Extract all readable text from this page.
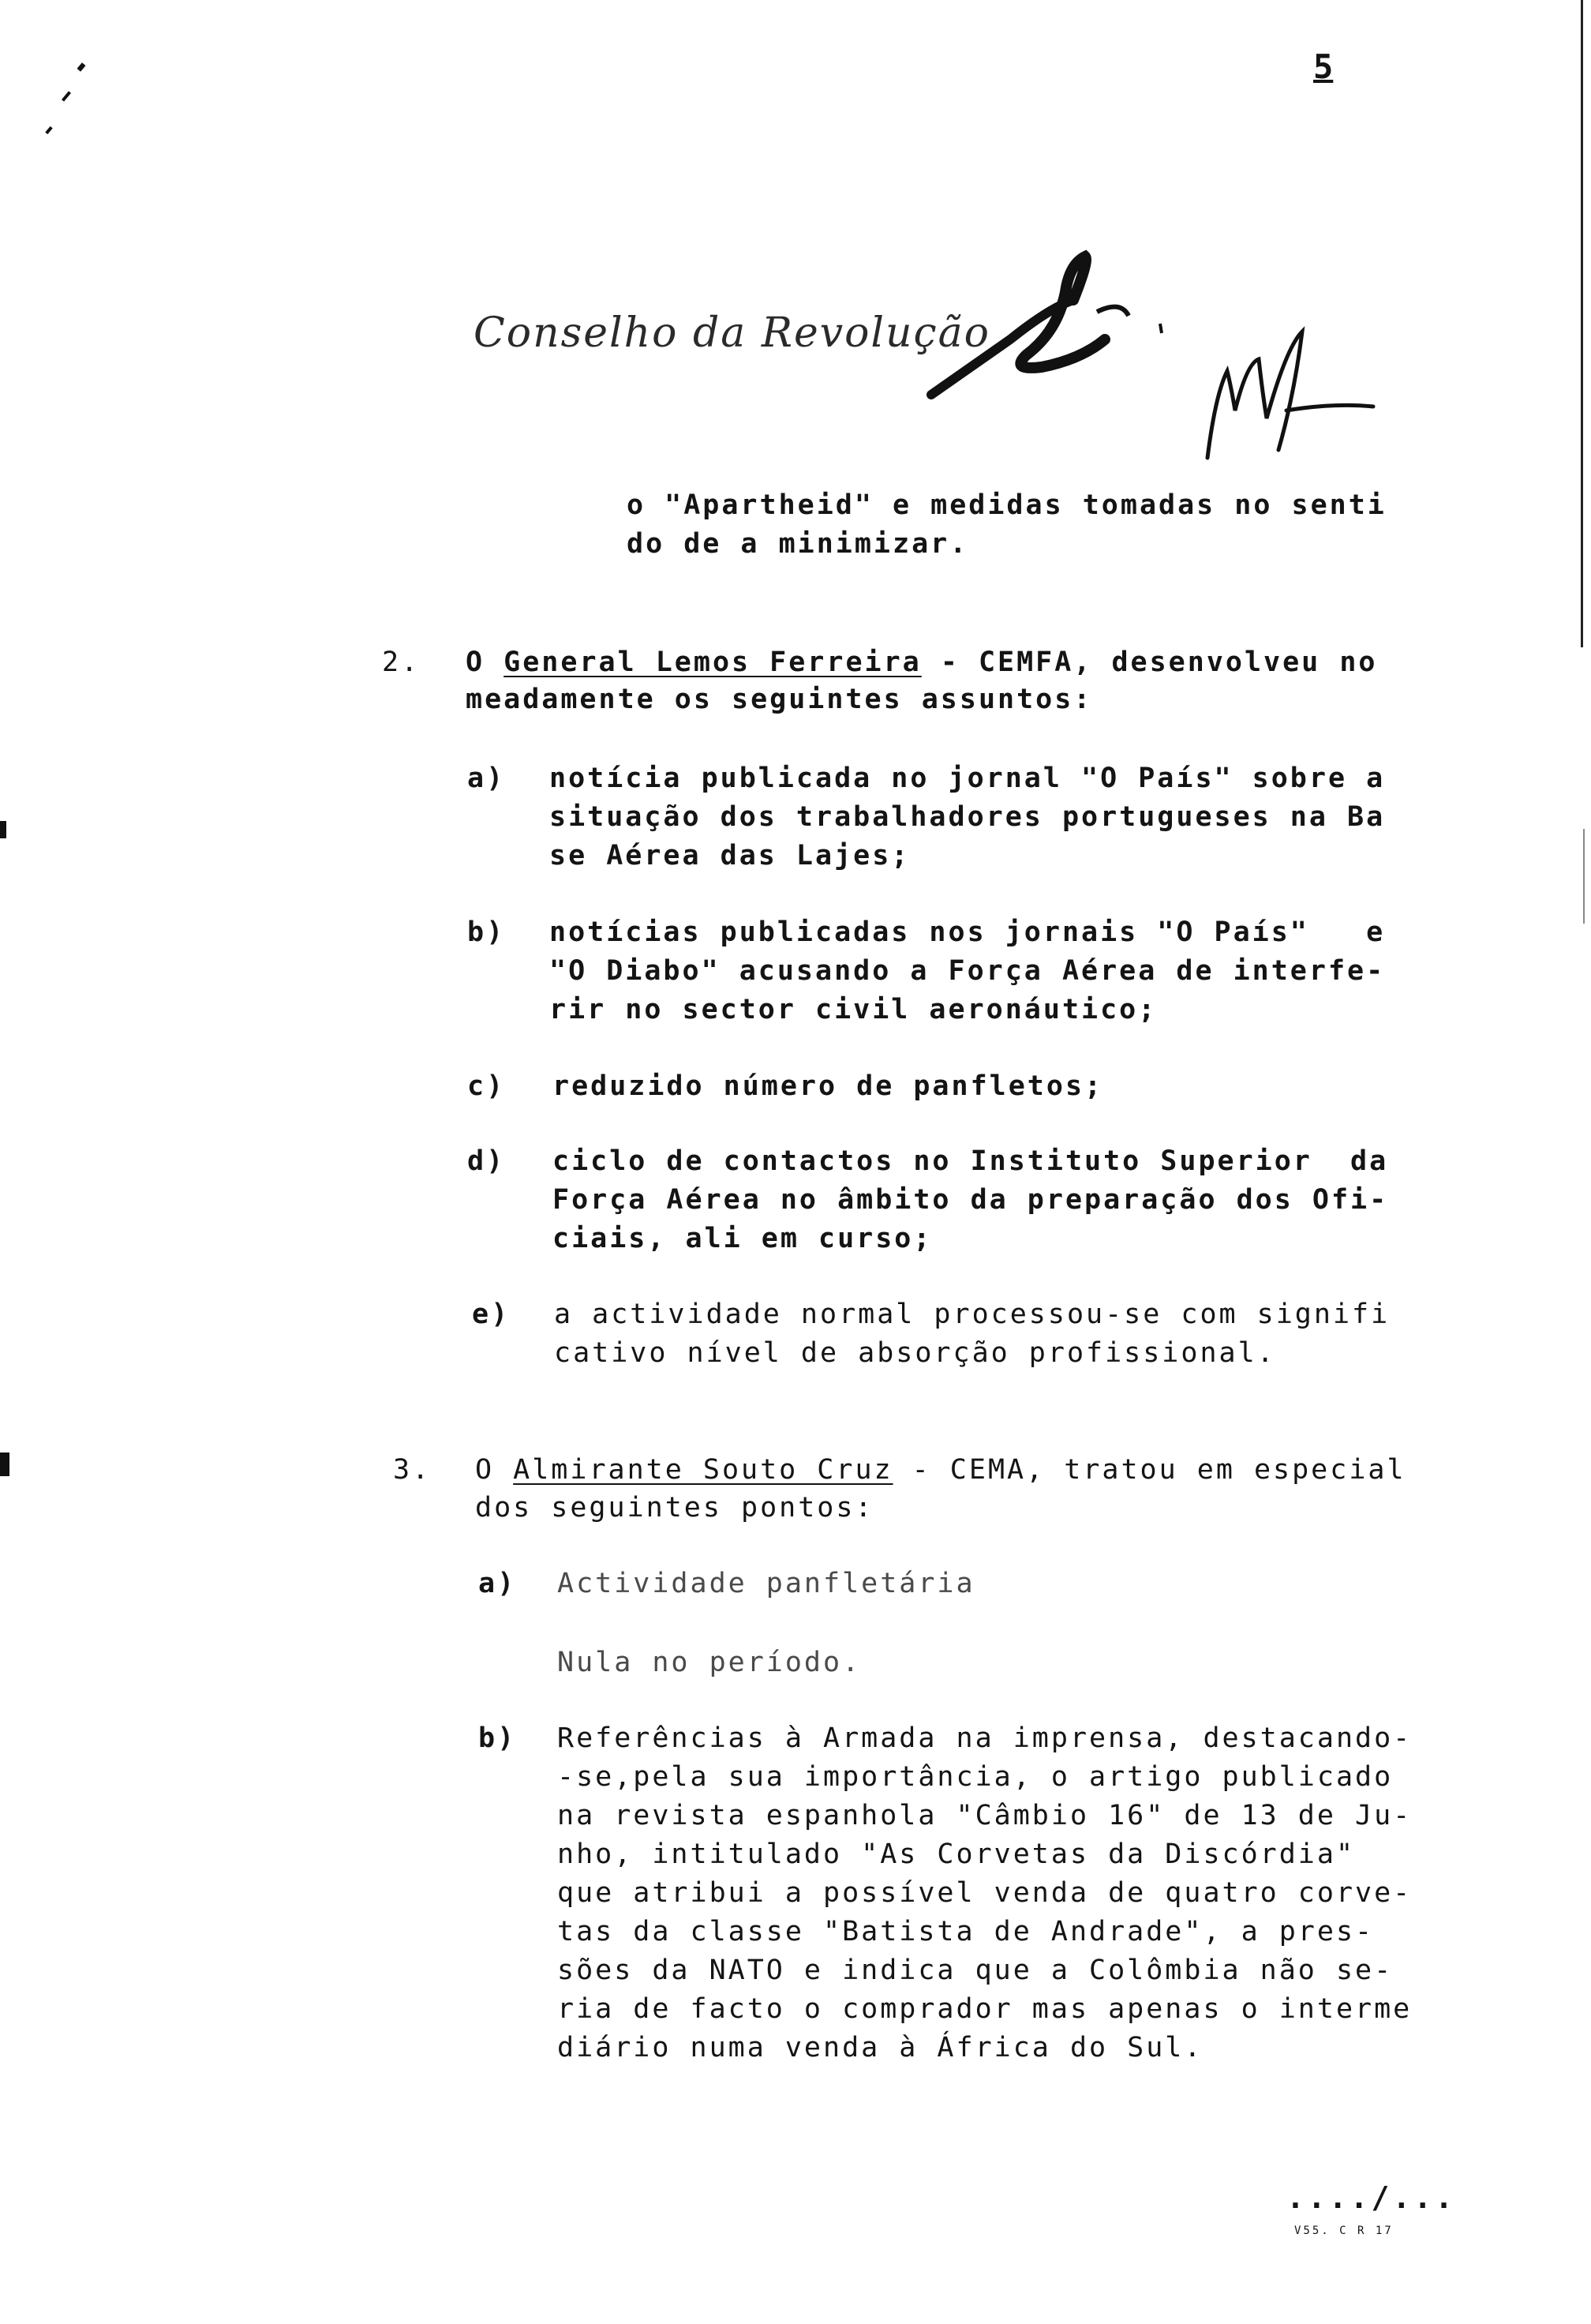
5
Conselho da Revolução
o "Apartheid" e medidas tomadas no senti
do de a minimizar.
2. O General Lemos Ferreira - CEMFA, desenvolveu no
meadamente os seguintes assuntos:
a) notícia publicada no jornal "O País" sobre a
situação dos trabalhadores portugueses na Ba
se Aérea das Lajes;
b) notícias publicadas nos jornais "O País"   e
"O Diabo" acusando a Força Aérea de interfe-
rir no sector civil aeronáutico;
c) reduzido número de panfletos;
d) ciclo de contactos no Instituto Superior  da
Força Aérea no âmbito da preparação dos Ofi-
ciais, ali em curso;
e) a actividade normal processou-se com signifi
cativo nível de absorção profissional.
3. O Almirante Souto Cruz - CEMA, tratou em especial
dos seguintes pontos:
a) Actividade panfletária
Nula no período.
b) Referências à Armada na imprensa, destacando-
-se,pela sua importância, o artigo publicado
na revista espanhola "Câmbio 16" de 13 de Ju-
nho, intitulado "As Corvetas da Discórdia"
que atribui a possível venda de quatro corve-
tas da classe "Batista de Andrade", a pres-
sões da NATO e indica que a Colômbia não se-
ria de facto o comprador mas apenas o interme
diário numa venda à África do Sul.
..../...
V55. C R 17
